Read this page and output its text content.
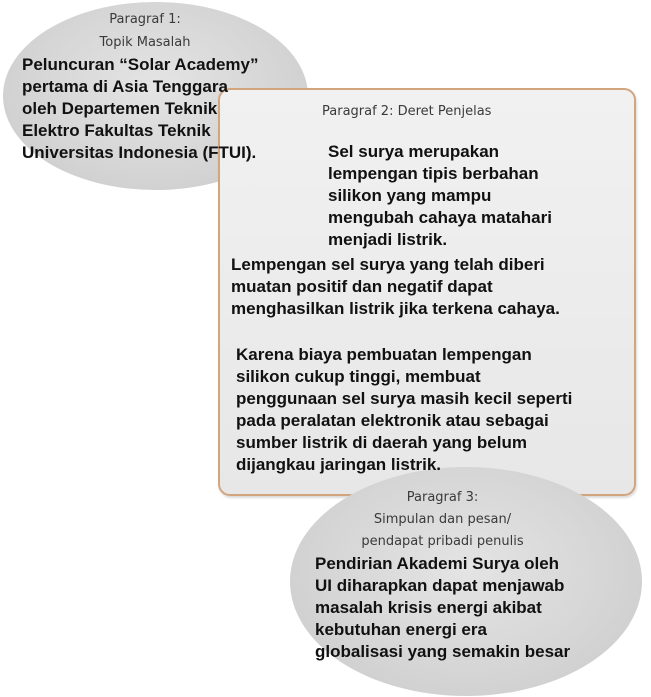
Paragraf 1:
Topik Masalah
Peluncuran “Solar Academy”
pertama di Asia Tenggara
oleh Departemen Teknik
Elektro Fakultas Teknik
Universitas Indonesia (FTUI).
Paragraf 2: Deret Penjelas
Sel surya merupakan
lempengan tipis berbahan
silikon yang mampu
mengubah cahaya matahari
menjadi listrik.
Lempengan sel surya yang telah diberi
muatan positif dan negatif dapat
menghasilkan listrik jika terkena cahaya.
Karena biaya pembuatan lempengan
silikon cukup tinggi, membuat
penggunaan sel surya masih kecil seperti
pada peralatan elektronik atau sebagai
sumber listrik di daerah yang belum
dijangkau jaringan listrik.
Paragraf 3:
Simpulan dan pesan/
pendapat pribadi penulis
Pendirian Akademi Surya oleh
UI diharapkan dapat menjawab
masalah krisis energi akibat
kebutuhan energi era
globalisasi yang semakin besar
